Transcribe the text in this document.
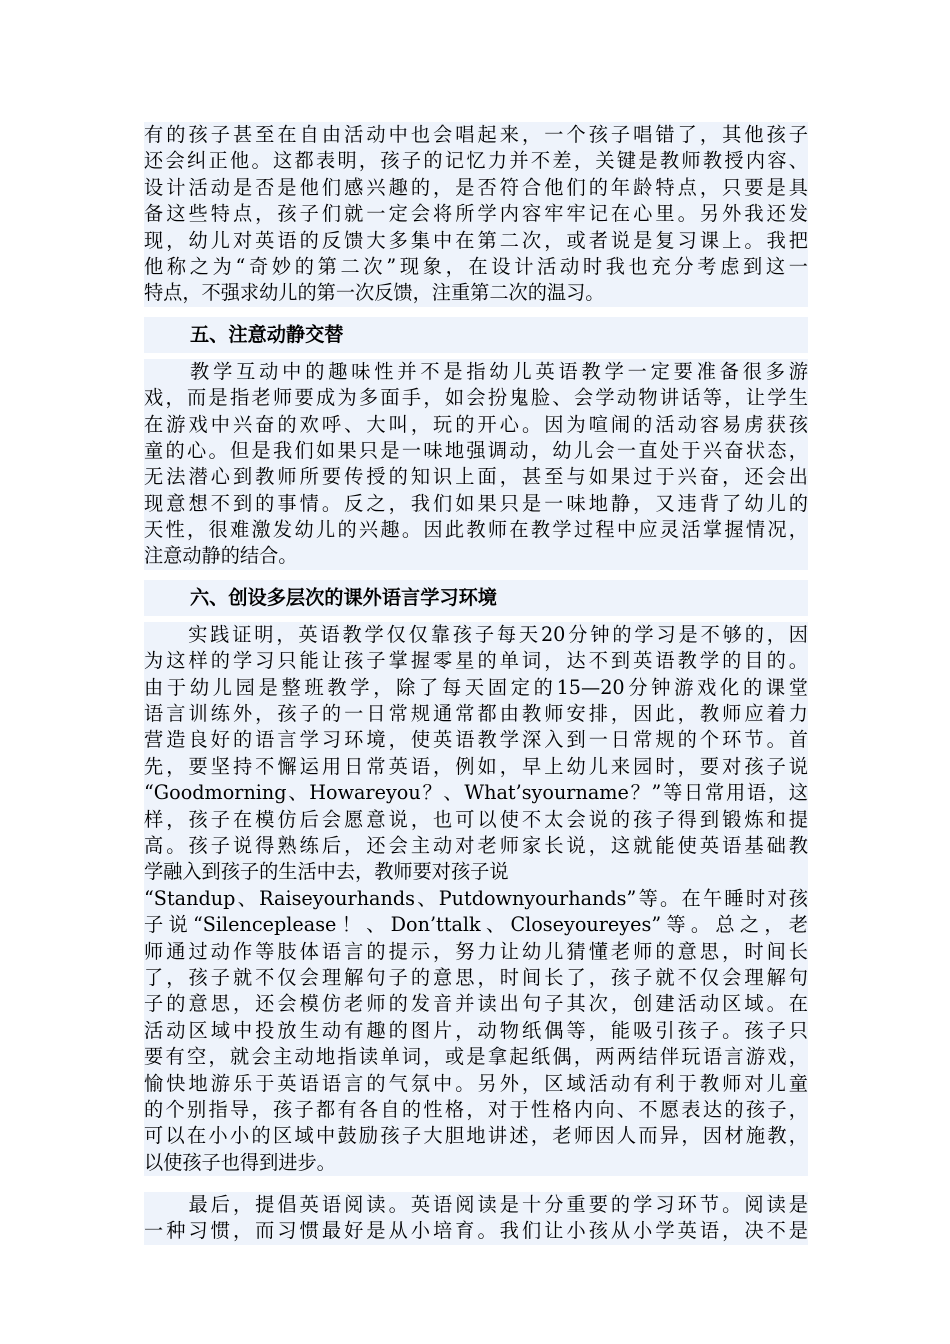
有的孩子甚至在自由活动中也会唱起来，一个孩子唱错了，其他孩子
还会纠正他。这都表明，孩子的记忆力并不差，关键是教师教授内容、
设计活动是否是他们感兴趣的，是否符合他们的年龄特点，只要是具
备这些特点，孩子们就一定会将所学内容牢牢记在心里。另外我还发
现，幼儿对英语的反馈大多集中在第二次，或者说是复习课上。我把
他称之为“奇妙的第二次”现象，在设计活动时我也充分考虑到这一
特点，不强求幼儿的第一次反馈，注重第二次的温习。
五、注意动静交替
　　教学互动中的趣味性并不是指幼儿英语教学一定要准备很多游
戏，而是指老师要成为多面手，如会扮鬼脸、会学动物讲话等，让学生
在游戏中兴奋的欢呼、大叫，玩的开心。因为喧闹的活动容易虏获孩
童的心。但是我们如果只是一味地强调动，幼儿会一直处于兴奋状态，
无法潜心到教师所要传授的知识上面，甚至与如果过于兴奋，还会出
现意想不到的事情。反之，我们如果只是一味地静，又违背了幼儿的
天性，很难激发幼儿的兴趣。因此教师在教学过程中应灵活掌握情况，
注意动静的结合。
六、创设多层次的课外语言学习环境
　　实践证明，英语教学仅仅靠孩子每天20分钟的学习是不够的，因
为这样的学习只能让孩子掌握零星的单词，达不到英语教学的目的。
由于幼儿园是整班教学，除了每天固定的15—20分钟游戏化的课堂
语言训练外，孩子的一日常规通常都由教师安排，因此，教师应着力
营造良好的语言学习环境，使英语教学深入到一日常规的个环节。首
先，要坚持不懈运用日常英语，例如，早上幼儿来园时，要对孩子说
“Goodmorning、Howareyou？、What’syourname？”等日常用语，这
样，孩子在模仿后会愿意说，也可以使不太会说的孩子得到锻炼和提
高。孩子说得熟练后，还会主动对老师家长说，这就能使英语基础教
学融入到孩子的生活中去，教师要对孩子说
“Standup、Raiseyourhands、Putdownyourhands”等。在午睡时对孩
子说“Silenceplease！、Don’ttalk、Closeyoureyes”等。总之，老
师通过动作等肢体语言的提示，努力让幼儿猜懂老师的意思，时间长
了，孩子就不仅会理解句子的意思，时间长了，孩子就不仅会理解句
子的意思，还会模仿老师的发音并读出句子其次，创建活动区域。在
活动区域中投放生动有趣的图片，动物纸偶等，能吸引孩子。孩子只
要有空，就会主动地指读单词，或是拿起纸偶，两两结伴玩语言游戏，
愉快地游乐于英语语言的气氛中。另外，区域活动有利于教师对儿童
的个别指导，孩子都有各自的性格，对于性格内向、不愿表达的孩子，
可以在小小的区域中鼓励孩子大胆地讲述，老师因人而异，因材施教，
以使孩子也得到进步。
　　最后，提倡英语阅读。英语阅读是十分重要的学习环节。阅读是
一种习惯，而习惯最好是从小培育。我们让小孩从小学英语，决不是
